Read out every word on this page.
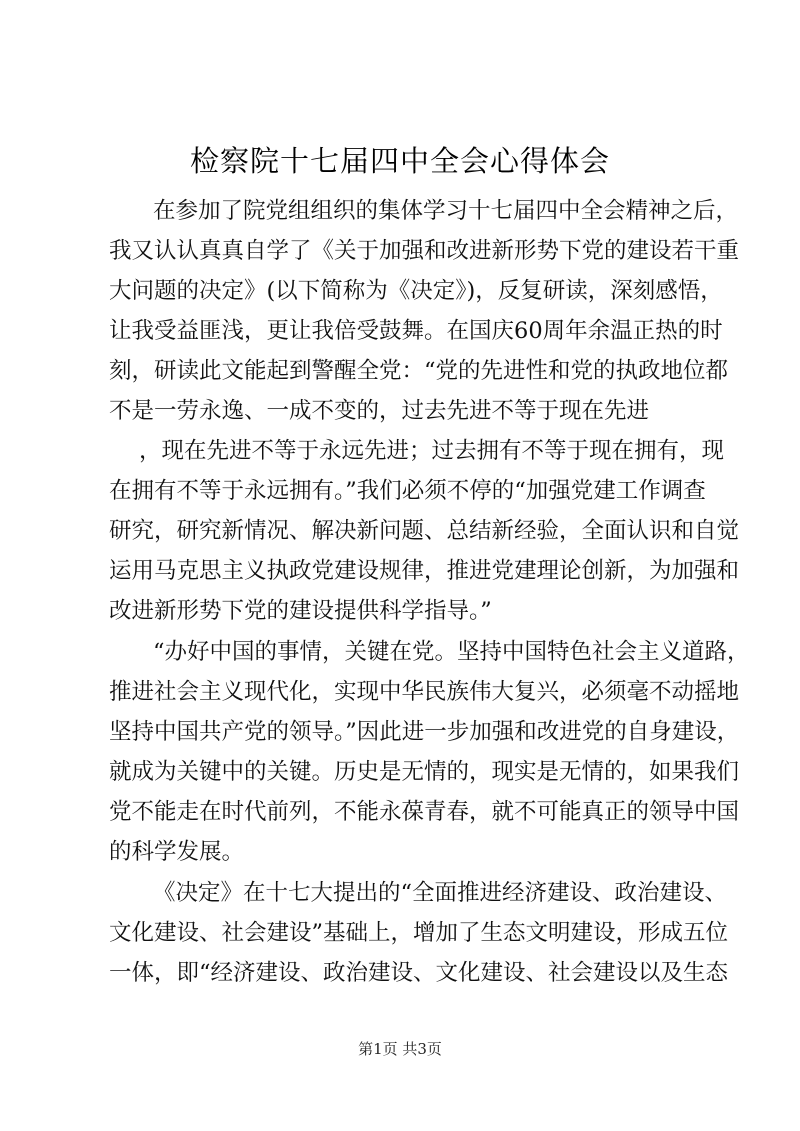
检察院十七届四中全会心得体会
在参加了院党组组织的集体学习十七届四中全会精神之后，
我又认认真真自学了《关于加强和改进新形势下党的建设若干重
大问题的决定》(以下简称为《决定》)，反复研读，深刻感悟，
让我受益匪浅，更让我倍受鼓舞。在国庆60周年余温正热的时
刻，研读此文能起到警醒全党：“党的先进性和党的执政地位都
不是一劳永逸、一成不变的，过去先进不等于现在先进
，现在先进不等于永远先进；过去拥有不等于现在拥有，现
在拥有不等于永远拥有。”我们必须不停的“加强党建工作调查
研究，研究新情况、解决新问题、总结新经验，全面认识和自觉
运用马克思主义执政党建设规律，推进党建理论创新，为加强和
改进新形势下党的建设提供科学指导。”
“办好中国的事情，关键在党。坚持中国特色社会主义道路，
推进社会主义现代化，实现中华民族伟大复兴，必须毫不动摇地
坚持中国共产党的领导。”因此进一步加强和改进党的自身建设，
就成为关键中的关键。历史是无情的，现实是无情的，如果我们
党不能走在时代前列，不能永葆青春，就不可能真正的领导中国
的科学发展。
《决定》在十七大提出的“全面推进经济建设、政治建设、
文化建设、社会建设”基础上，增加了生态文明建设，形成五位
一体，即“经济建设、政治建设、文化建设、社会建设以及生态
第1页 共3页
